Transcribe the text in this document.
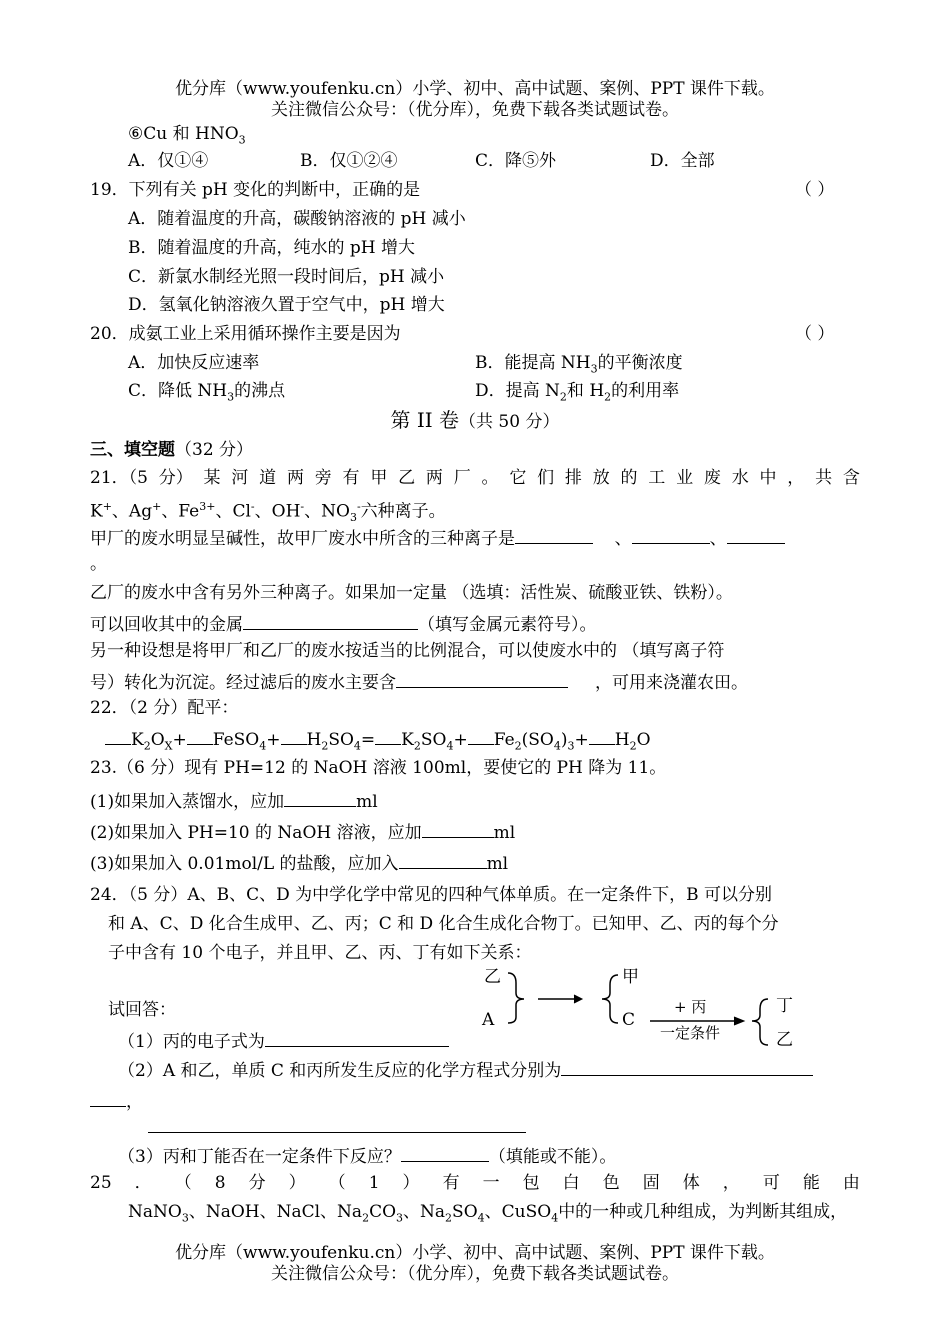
优分库（www.youfenku.cn）小学、初中、高中试题、案例、PPT 课件下载。
关注微信公众号：（优分库），免费下载各类试题试卷。
⑥Cu 和 $HNO_3$
A．仅①④	B．仅①②④	C．降⑤外	D．全部
19．下列有关 pH 变化的判断中，正确的是	（ ）
A．随着温度的升高，碳酸钠溶液的 pH 减小
B．随着温度的升高，纯水的 pH 增大
C．新氯水制经光照一段时间后，pH 减小
D．氢氧化钠溶液久置于空气中，pH 增大
20．成氨工业上采用循环操作主要是因为	（ ）
A．加快反应速率	B．能提高 $NH_3$的平衡浓度
C．降低 $NH_3$的沸点	D．提高 $N_2$和 $H_2$的利用率
第 II 卷（共 50 分）
三、填空题（32 分）
21．（5 分） 某 河 道 两 旁 有 甲 乙 两 厂 。 它 们 排 放 的 工 业 废 水 中 ， 共 含
K+、Ag+、$Fe^{3+}$、Cl-、OH-、$NO_3^-$六种离子。
甲厂的废水明显呈碱性，故甲厂废水中所含的三种离子是	、	、
。
乙厂的废水中含有另外三种离子。如果加一定量 （选填：活性炭、硫酸亚铁、铁粉）。
可以回收其中的金属	（填写金属元素符号）。
另一种设想是将甲厂和乙厂的废水按适当的比例混合，可以使废水中的 （填写离子符
号）转化为沉淀。经过滤后的废水主要含	，可用来浇灌农田。
22．（2 分）配平：
$K_2O_X+$ FeSO$_4$+ $H_2SO_4= K_2SO_4+ Fe_2(SO_4)_3+ H_2O$
23.（6 分）现有 PH=12 的 NaOH 溶液 100ml，要使它的 PH 降为 11。
(1)如果加入蒸馏水，应加	ml
(2)如果加入 PH=10 的 NaOH 溶液，应加	ml
(3)如果加入 0.01mol/L 的盐酸，应加入	ml
24．（5 分）A、B、C、D 为中学化学中常见的四种气体单质。在一定条件下，B 可以分别
和 A、C、D 化合生成甲、乙、丙；C 和 D 化合生成化合物丁。已知甲、乙、丙的每个分
子中含有 10 个电子，并且甲、乙、丙、丁有如下关系：
乙
A
甲
C
+ 丙
一定条件
丁
乙
试回答：
（1）丙的电子式为
（2）A 和乙，单质 C 和丙所发生反应的化学方程式分别为
，
（3）丙和丁能否在一定条件下反应？	（填能或不能）。
25 ． （ 8 分 ） （ 1 ） 有 一 包 白 色 固 体 ， 可 能 由
NaNO$_3$、NaOH、NaCl、$Na_2CO_3$、$Na_2SO_4$、CuSO$_4$中的一种或几种组成，为判断其组成，
优分库（www.youfenku.cn）小学、初中、高中试题、案例、PPT 课件下载。
关注微信公众号：（优分库），免费下载各类试题试卷。
